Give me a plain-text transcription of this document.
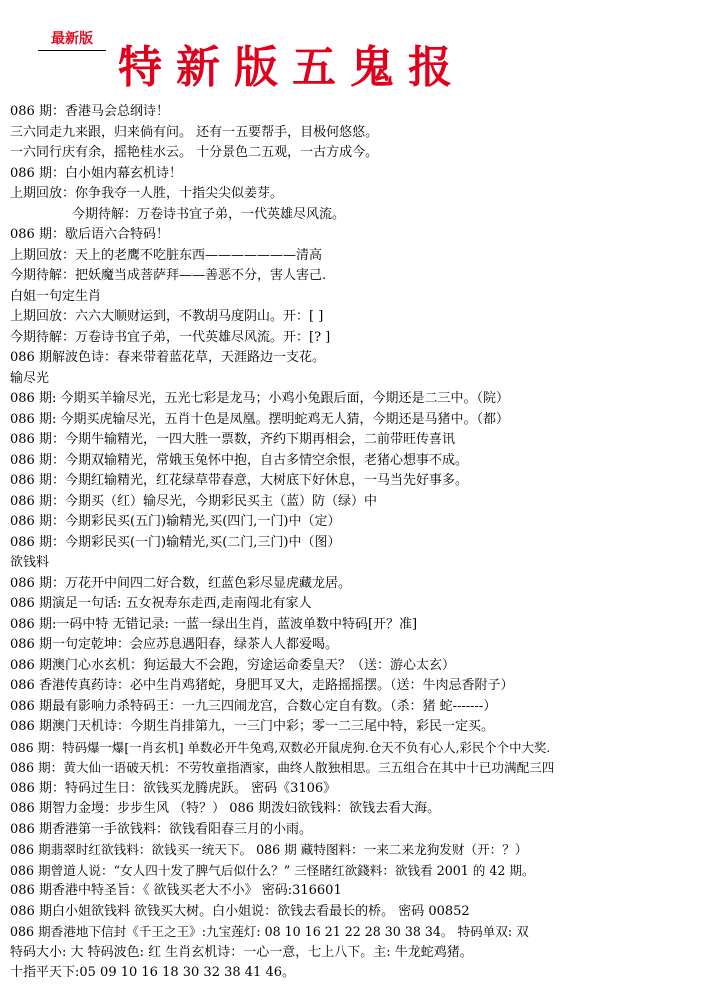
最新版
特新版五鬼报
086 期：香港马会总纲诗！
三六同走九来跟，归来倘有问。 还有一五要帮手，目极何悠悠。
一六同行庆有余，摇艳桂水云。 十分景色二五观，一古方成今。
086 期：白小姐内幕玄机诗！
上期回放：你争我夺一人胜，十指尖尖似姜芽。
今期待解：万卷诗书宜子弟，一代英雄尽风流。
086 期：歇后语六合特码！
上期回放：天上的老鹰不吃脏东西———————清高
今期待解：把妖魔当成菩萨拜——善恶不分，害人害己.
白姐一句定生肖
上期回放：六六大顺财运到，不教胡马度阴山。开：[ ]
今期待解：万卷诗书宜子弟，一代英雄尽风流。开：[? ]
086 期解波色诗：春来带着蓝花草，天涯路边一支花。
输尽光
086 期: 今期买羊输尽光，五光七彩是龙马；小鸡小兔跟后面，今期还是二三中。（院）
086 期: 今期买虎输尽光，五肖十色是凤凰。摆明蛇鸡无人猜，今期还是马猪中。（都）
086 期：今期牛输精光，一四大胜一票数，齐约下期再相会，二前带旺传喜讯
086 期：今期双输精光，常娥玉兔怀中抱，自古多情空余恨，老猪心想事不成。
086 期：今期红输精光，红花绿草带春意，大树底下好休息，一马当先好事多。
086 期：今期买（红）输尽光，今期彩民买主（蓝）防（绿）中
086 期：今期彩民买(五门)输精光,买(四门,一门)中（定）
086 期：今期彩民买(一门)输精光,买(二门,三门)中（图）
欲钱料
086 期：万花开中间四二好合数，红蓝色彩尽显虎藏龙居。
086 期演足一句话: 五女祝寿东走西,走南闯北有家人
086 期:一码中特 无错记录: 一蓝一绿出生肖，蓝波单数中特码[开？准]
086 期一句定乾坤：会应苏息遇阳春，绿茶人人都爱喝。
086 期澳门心水玄机：狗运最大不会跑，穷途运命委皇天？（送：游心太玄）
086 香港传真药诗：必中生肖鸡猪蛇，身肥耳叉大，走路摇摇摆。（送：牛肉忌香附子）
086 期最有影响力杀特码王：一九三四闹龙宫，合数心定自有数。（杀：猪 蛇-------）
086 期澳门天机诗：今期生肖排第九，一三门中彩；零一二三尾中特，彩民一定买。
086 期：特码爆一爆[一肖玄机] 单数必开牛兔鸡,双数必开鼠虎狗.仓天不负有心人,彩民个个中大奖.
086 期：黄大仙一语破天机：不劳牧童指酒家，曲终人散独相思。三五组合在其中十已功满配三四
086 期：特码过生日：欲钱买龙腾虎跃。 密码《3106》
086 期智力金墁：步步生风 （特？） 086 期泼妇欲钱料：欲钱去看大海。
086 期香港第一手欲钱料：欲钱看阳春三月的小雨。
086 期翡翠时红欲钱料：欲钱买一统天下。 086 期 藏特图料：一来二来龙狗发财（开：？）
086 期曾道人说：“女人四十发了脾气后似什么？” 三怪睹红欲錢料：欲钱看 2001 的 42 期。
086 期香港中特圣旨：《 欲钱买老大不小》 密码:316601
086 期白小姐欲钱料 欲钱买大树。白小姐说：欲钱去看最长的桥。 密码 00852
086 期香港地下信封《千王之王》:九宝莲灯: 08 10 16 21 22 28 30 38 34。 特码单双: 双
特码大小: 大 特码波色: 红 生肖玄机诗：一心一意，七上八下。主: 牛龙蛇鸡猪。
十指平天下:05 09 10 16 18 30 32 38 41 46。
